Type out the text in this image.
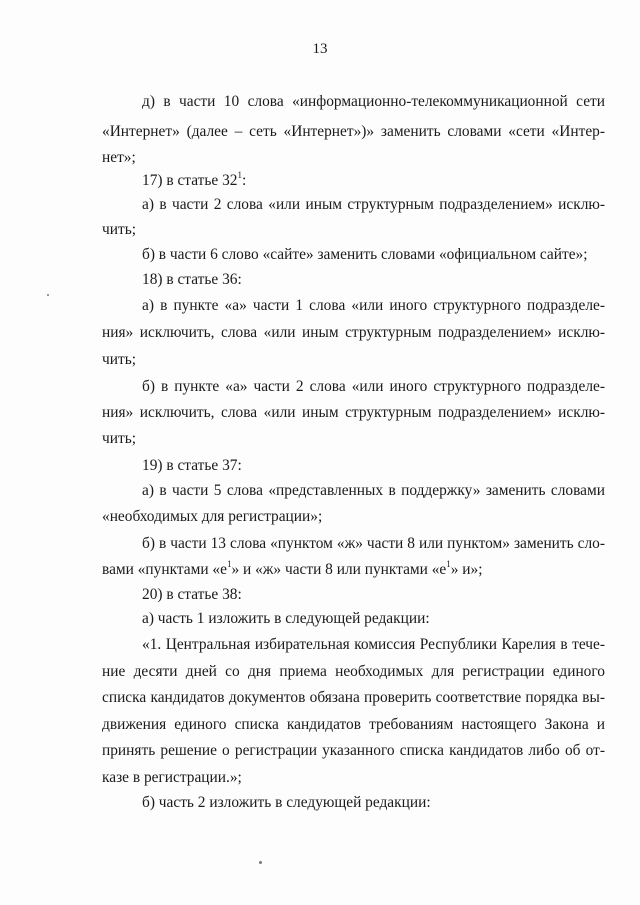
13
д) в части 10 слова «информационно-телекоммуникационной сети
«Интернет» (далее – сеть «Интернет»)» заменить словами «сети «Интер-
нет»;
17) в статье $32^1$:
а) в части 2 слова «или иным структурным подразделением» исклю-
чить;
б) в части 6 слово «сайте» заменить словами «официальном сайте»;
18) в статье 36:
а) в пункте «а» части 1 слова «или иного структурного подразделе-
ния» исключить, слова «или иным структурным подразделением» исклю-
чить;
б) в пункте «а» части 2 слова «или иного структурного подразделе-
ния» исключить, слова «или иным структурным подразделением» исклю-
чить;
19) в статье 37:
а) в части 5 слова «представленных в поддержку» заменить словами
«необходимых для регистрации»;
б) в части 13 слова «пунктом «ж» части 8 или пунктом» заменить сло-
вами «пунктами «$е^1$» и «ж» части 8 или пунктами «$е^1$» и»;
20) в статье 38:
а) часть 1 изложить в следующей редакции:
«1. Центральная избирательная комиссия Республики Карелия в тече-
ние десяти дней со дня приема необходимых для регистрации единого
списка кандидатов документов обязана проверить соответствие порядка вы-
движения единого списка кандидатов требованиям настоящего Закона и
принять решение о регистрации указанного списка кандидатов либо об от-
казе в регистрации.»;
б) часть 2 изложить в следующей редакции:
